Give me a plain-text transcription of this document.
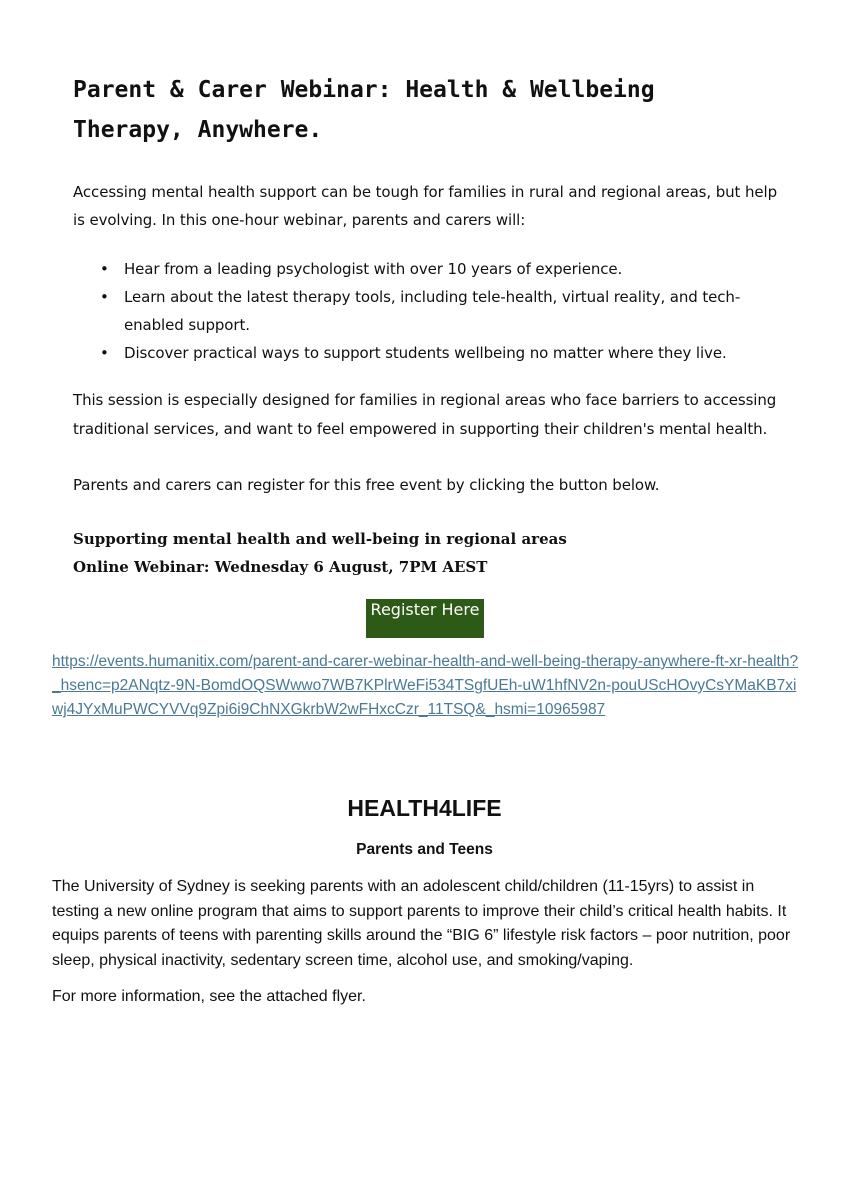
Parent & Carer Webinar: Health & Wellbeing Therapy, Anywhere.
Accessing mental health support can be tough for families in rural and regional areas, but help is evolving. In this one-hour webinar, parents and carers will:
• Hear from a leading psychologist with over 10 years of experience.
• Learn about the latest therapy tools, including tele-health, virtual reality, and tech-enabled support.
• Discover practical ways to support students wellbeing no matter where they live.
This session is especially designed for families in regional areas who face barriers to accessing traditional services, and want to feel empowered in supporting their children's mental health.
Parents and carers can register for this free event by clicking the button below.
Supporting mental health and well-being in regional areas
Online Webinar: Wednesday 6 August, 7PM AEST
Register Here
https://events.humanitix.com/parent-and-carer-webinar-health-and-well-being-therapy-anywhere-ft-xr-health?_hsenc=p2ANqtz-9N-BomdOQSWwwo7WB7KPlrWeFi534TSgfUEh-uW1hfNV2n-pouUScHOvyCsYMaKB7xiwj4JYxMuPWCYVVq9Zpi6i9ChNXGkrbW2wFHxcCzr_11TSQ&_hsmi=10965987
HEALTH4LIFE
Parents and Teens
The University of Sydney is seeking parents with an adolescent child/children (11-15yrs) to assist in testing a new online program that aims to support parents to improve their child’s critical health habits. It equips parents of teens with parenting skills around the “BIG 6” lifestyle risk factors – poor nutrition, poor sleep, physical inactivity, sedentary screen time, alcohol use, and smoking/vaping.
For more information, see the attached flyer.
